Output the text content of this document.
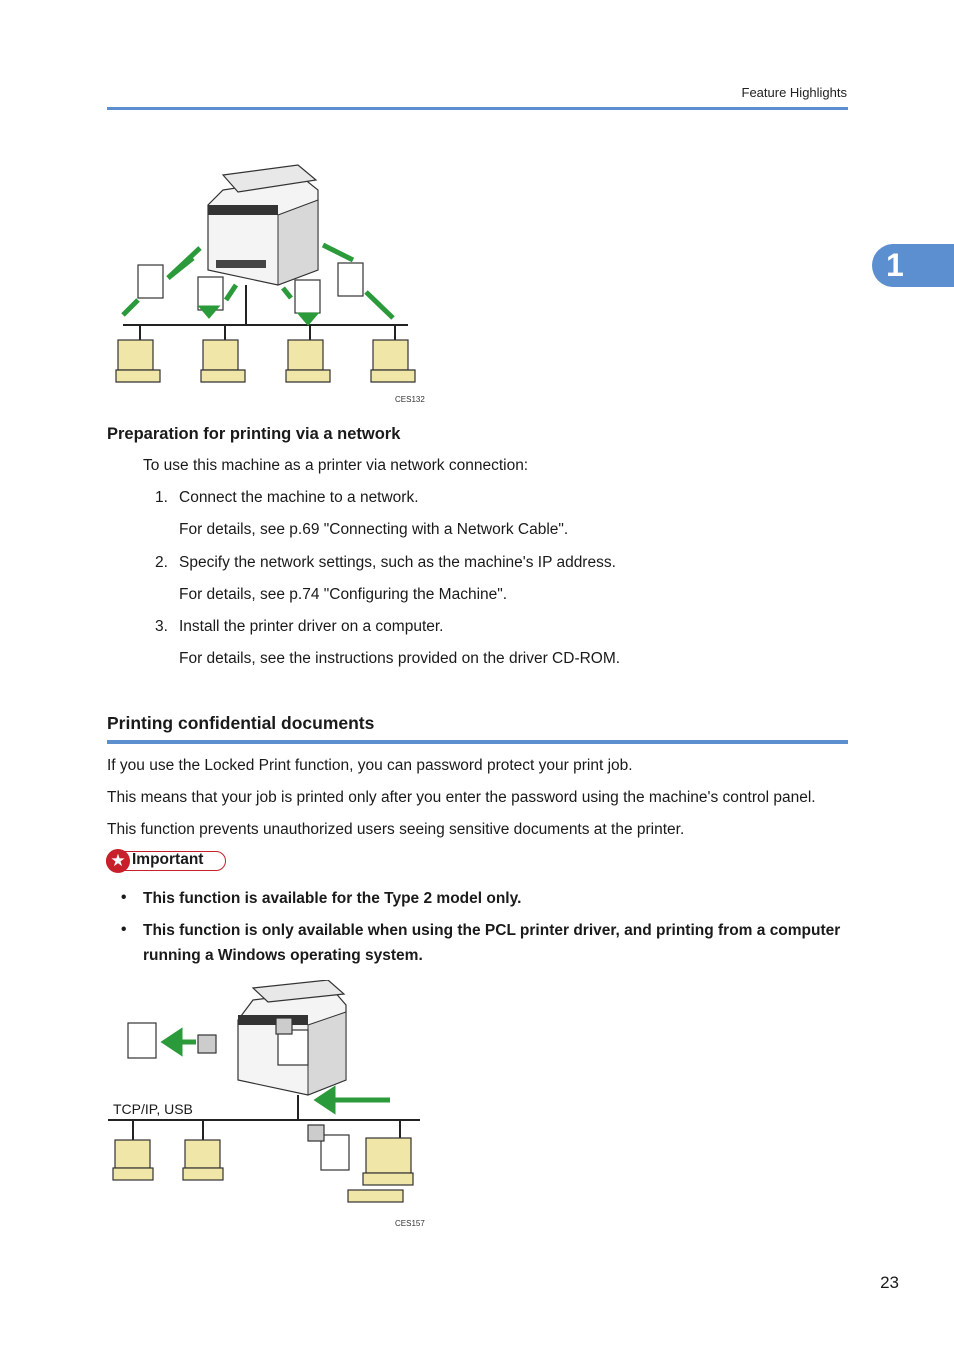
Feature Highlights
1
CES132
Preparation for printing via a network
To use this machine as a printer via network connection:
1. Connect the machine to a network.
For details, see p.69 "Connecting with a Network Cable".
2. Specify the network settings, such as the machine's IP address.
For details, see p.74 "Configuring the Machine".
3. Install the printer driver on a computer.
For details, see the instructions provided on the driver CD-ROM.
Printing confidential documents
If you use the Locked Print function, you can password protect your print job.
This means that your job is printed only after you enter the password using the machine's control panel.
This function prevents unauthorized users seeing sensitive documents at the printer.
★ Important
• This function is available for the Type 2 model only.
• This function is only available when using the PCL printer driver, and printing from a computer
running a Windows operating system.
TCP/IP, USB
CES157
23
